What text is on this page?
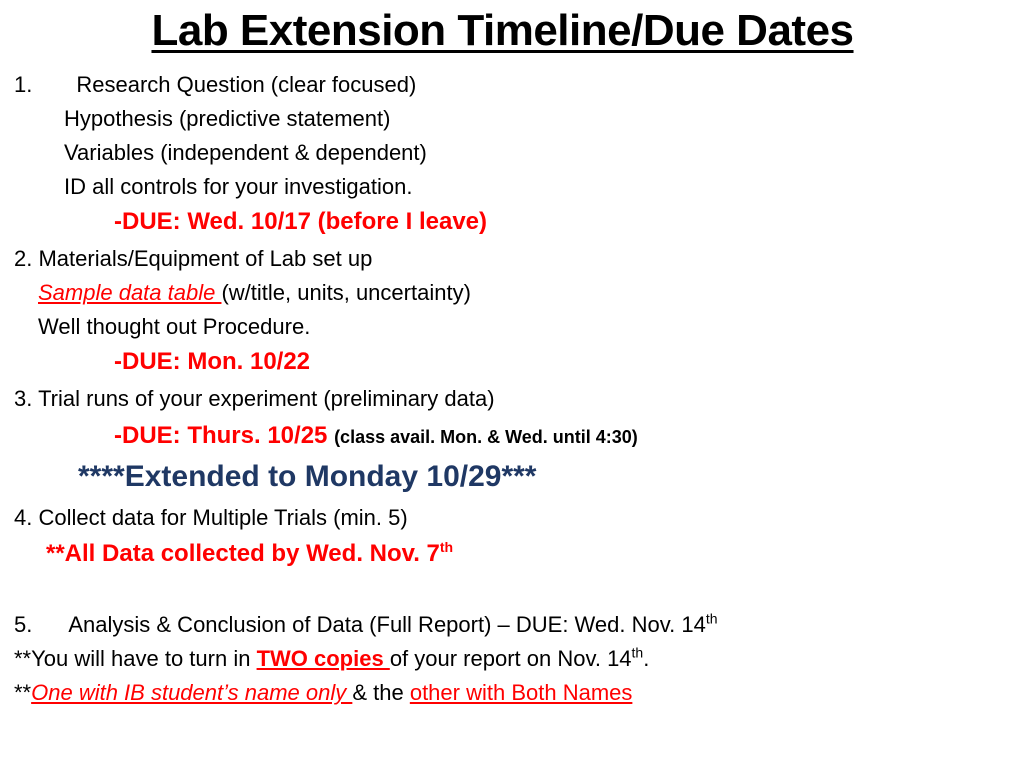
Lab Extension Timeline/Due Dates
1. Research Question (clear focused)
Hypothesis (predictive statement)
Variables (independent & dependent)
ID all controls for your investigation.
-DUE: Wed. 10/17 (before I leave)
2. Materials/Equipment of Lab set up
Sample data table (w/title, units, uncertainty)
Well thought out Procedure.
-DUE: Mon. 10/22
3. Trial runs of your experiment (preliminary data)
-DUE: Thurs. 10/25 (class avail. Mon. & Wed. until 4:30)
****Extended to Monday 10/29***
4. Collect data for Multiple Trials (min. 5)
**All Data collected by Wed. Nov. 7th
5. Analysis & Conclusion of Data (Full Report) – DUE: Wed. Nov. 14th
**You will have to turn in TWO copies of your report on Nov. 14th.
**One with IB student’s name only & the other with Both Names
